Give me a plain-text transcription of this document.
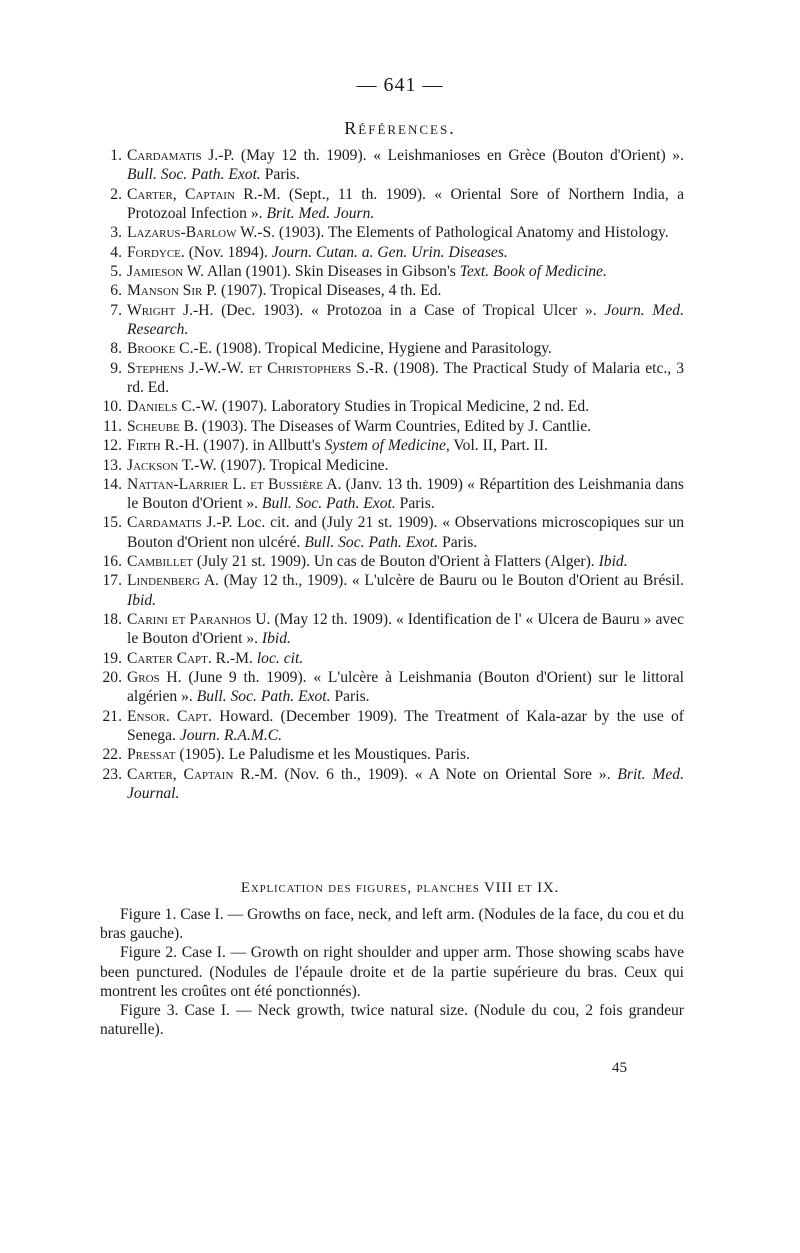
— 641 —
Références.
1 . Cardamatis J.-P. (May 12 th. 1909). « Leishmanioses en Grèce (Bouton d'Orient) ». Bull. Soc. Path. Exot. Paris.
2 . Carter, Captain R.-M. (Sept., 11 th. 1909). « Oriental Sore of Northern India, a Protozoal Infection ». Brit. Med. Journ.
3 . Lazarus-Barlow W.-S. (1903). The Elements of Pathological Anatomy and Histology.
4 . Fordyce. (Nov. 1894). Journ. Cutan. a. Gen. Urin. Diseases.
5 . Jamieson W. Allan (1901). Skin Diseases in Gibson's Text. Book of Medicine.
6 . Manson Sir P. (1907). Tropical Diseases, 4 th. Ed.
7 . Wright J.-H. (Dec. 1903). « Protozoa in a Case of Tropical Ulcer ». Journ. Med. Research.
8 . Brooke C.-E. (1908). Tropical Medicine, Hygiene and Parasitology.
9 . Stephens J.-W.-W. et Christophers S.-R. (1908). The Practical Study of Malaria etc., 3 rd. Ed.
10 . Daniels C.-W. (1907). Laboratory Studies in Tropical Medicine, 2 nd. Ed.
11 . Scheube B. (1903). The Diseases of Warm Countries, Edited by J. Cantlie.
12 . Firth R.-H. (1907). in Allbutt's System of Medicine, Vol. II, Part. II.
13 . Jackson T.-W. (1907). Tropical Medicine.
14 . Nattan-Larrier L. et Bussière A. (Janv. 13 th. 1909) « Répartition des Leishmania dans le Bouton d'Orient ». Bull. Soc. Path. Exot. Paris.
15 . Cardamatis J.-P. Loc. cit. and (July 21 st. 1909). « Observations microscopiques sur un Bouton d'Orient non ulcéré. Bull. Soc. Path. Exot. Paris.
16 . Cambillet (July 21 st. 1909). Un cas de Bouton d'Orient à Flatters (Alger). Ibid.
17 . Lindenberg A. (May 12 th., 1909). « L'ulcère de Bauru ou le Bouton d'Orient au Brésil. Ibid.
18 . Carini et Paranhos U. (May 12 th. 1909). « Identification de l' « Ulcera de Bauru » avec le Bouton d'Orient ». Ibid.
19 . Carter Capt. R.-M. loc. cit.
20 . Gros H. (June 9 th. 1909). « L'ulcère à Leishmania (Bouton d'Orient) sur le littoral algérien ». Bull. Soc. Path. Exot. Paris.
21 . Ensor. Capt. Howard. (December 1909). The Treatment of Kala-azar by the use of Senega. Journ. R.A.M.C.
22 . Pressat (1905). Le Paludisme et les Moustiques. Paris.
23 . Carter, Captain R.-M. (Nov. 6 th., 1909). « A Note on Oriental Sore ». Brit. Med. Journal.
Explication des figures, planches VIII et IX.

Figure 1. Case I. — Growths on face, neck, and left arm. (Nodules de la face, du cou et du bras gauche).

Figure 2. Case I. — Growth on right shoulder and upper arm. Those showing scabs have been punctured. (Nodules de l'épaule droite et de la partie supérieure du bras. Ceux qui montrent les croûtes ont été ponctionnés).

Figure 3. Case I. — Neck growth, twice natural size. (Nodule du cou, 2 fois grandeur naturelle).

45
